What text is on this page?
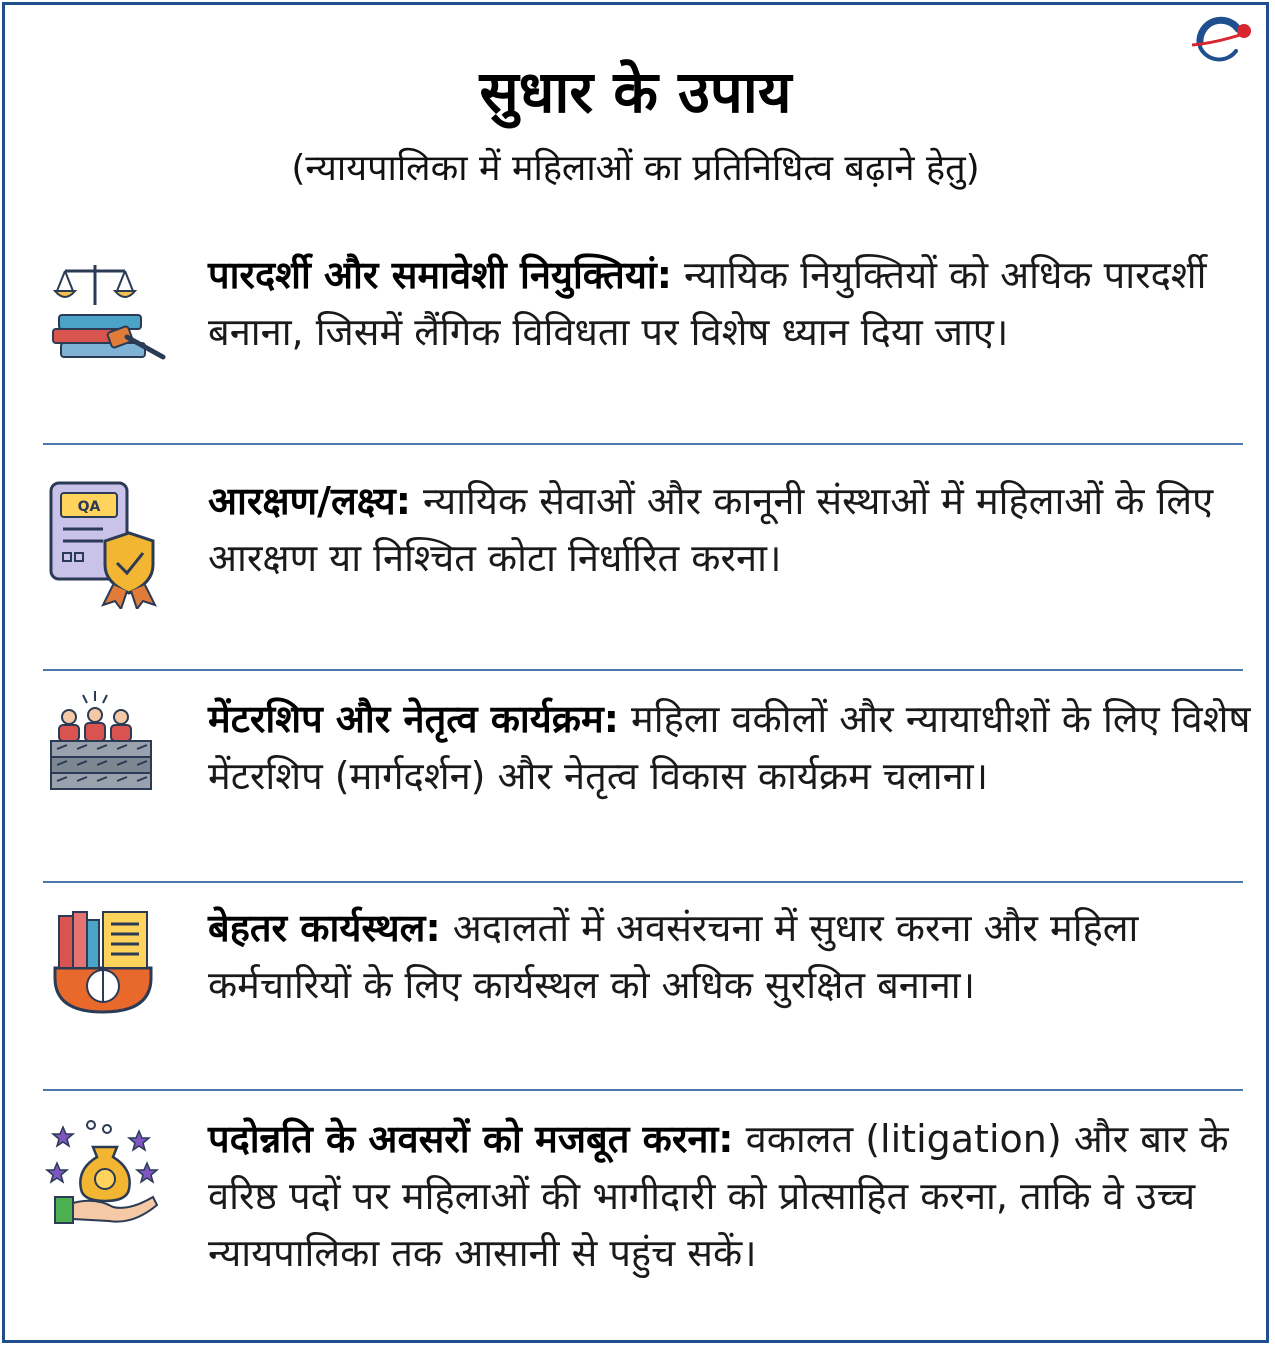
सुधार के उपाय
(न्यायपालिका में महिलाओं का प्रतिनिधित्व बढ़ाने हेतु)
पारदर्शी और समावेशी नियुक्तियां: न्यायिक नियुक्तियों को अधिक पारदर्शी बनाना, जिसमें लैंगिक विविधता पर विशेष ध्यान दिया जाए।
QA	आरक्षण/लक्ष्य: न्यायिक सेवाओं और कानूनी संस्थाओं में महिलाओं के लिए आरक्षण या निश्चित कोटा निर्धारित करना।
मेंटरशिप और नेतृत्व कार्यक्रम: महिला वकीलों और न्यायाधीशों के लिए विशेष मेंटरशिप (मार्गदर्शन) और नेतृत्व विकास कार्यक्रम चलाना।
बेहतर कार्यस्थल: अदालतों में अवसंरचना में सुधार करना और महिला कर्मचारियों के लिए कार्यस्थल को अधिक सुरक्षित बनाना।
पदोन्नति के अवसरों को मजबूत करना: वकालत (litigation) और बार के वरिष्ठ पदों पर महिलाओं की भागीदारी को प्रोत्साहित करना, ताकि वे उच्च न्यायपालिका तक आसानी से पहुंच सकें।
